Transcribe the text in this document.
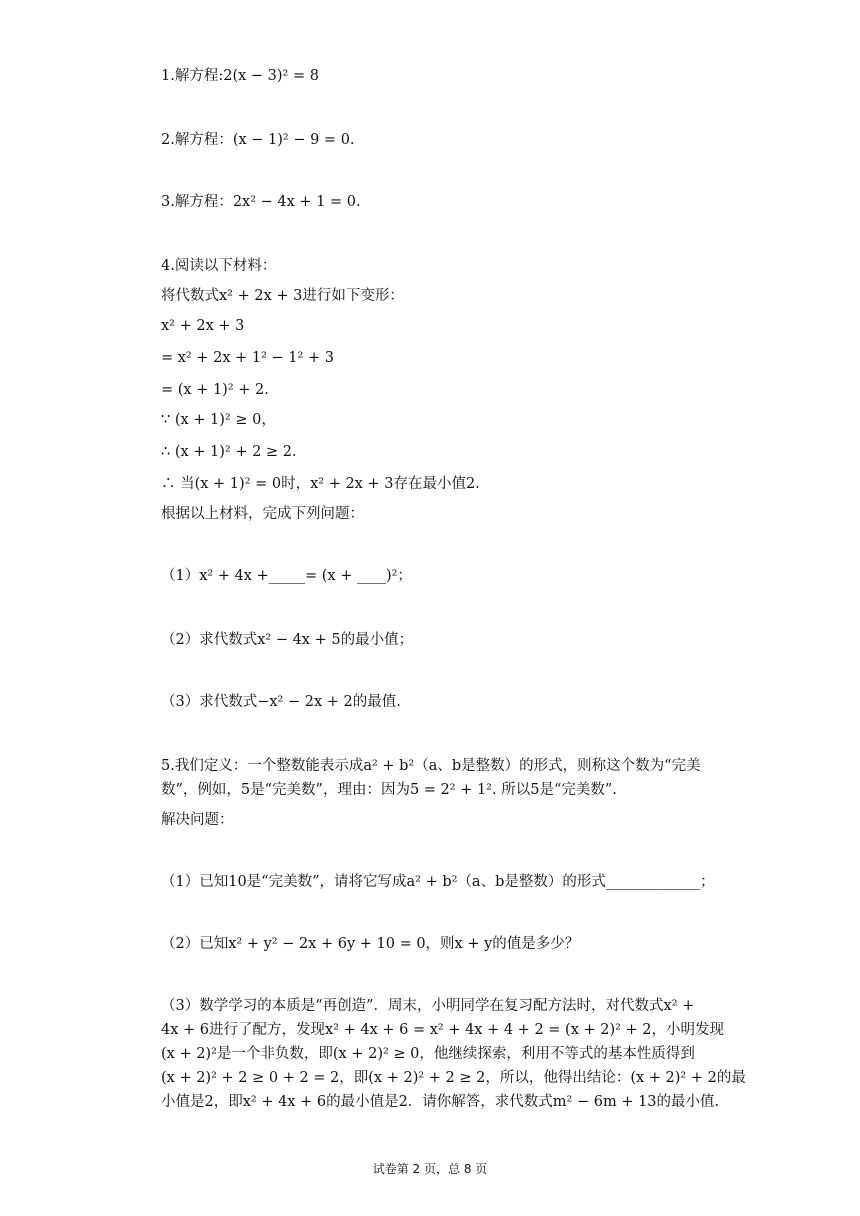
1.解方程:2(x − 3)² = 8
2.解方程：(x − 1)² − 9 = 0.
3.解方程：2x² − 4x + 1 = 0.
4.阅读以下材料：
将代数式x² + 2x + 3进行如下变形：
x² + 2x + 3
= x² + 2x + 1² − 1² + 3
= (x + 1)² + 2.
∵ (x + 1)² ≥ 0，
∴ (x + 1)² + 2 ≥ 2.
∴ 当(x + 1)² = 0时，x² + 2x + 3存在最小值2.
根据以上材料，完成下列问题：
（1）x² + 4x +_____= (x + ____)²；
（2）求代数式x² − 4x + 5的最小值；
（3）求代数式−x² − 2x + 2的最值.
5.我们定义：一个整数能表示成a² + b²（a、b是整数）的形式，则称这个数为“完美
数”，例如，5是“完美数”，理由：因为5 = 2² + 1². 所以5是“完美数”.
解决问题：
（1）已知10是“完美数”，请将它写成a² + b²（a、b是整数）的形式_____________；
（2）已知x² + y² − 2x + 6y + 10 = 0，则x + y的值是多少？
（3）数学学习的本质是“再创造”．周末，小明同学在复习配方法时，对代数式x² +
4x + 6进行了配方，发现x² + 4x + 6 = x² + 4x + 4 + 2 = (x + 2)² + 2，小明发现
(x + 2)²是一个非负数，即(x + 2)² ≥ 0，他继续探索，利用不等式的基本性质得到
(x + 2)² + 2 ≥ 0 + 2 = 2，即(x + 2)² + 2 ≥ 2，所以，他得出结论：(x + 2)² + 2的最
小值是2，即x² + 4x + 6的最小值是2．请你解答，求代数式m² − 6m + 13的最小值.
试卷第 2 页，总 8 页
